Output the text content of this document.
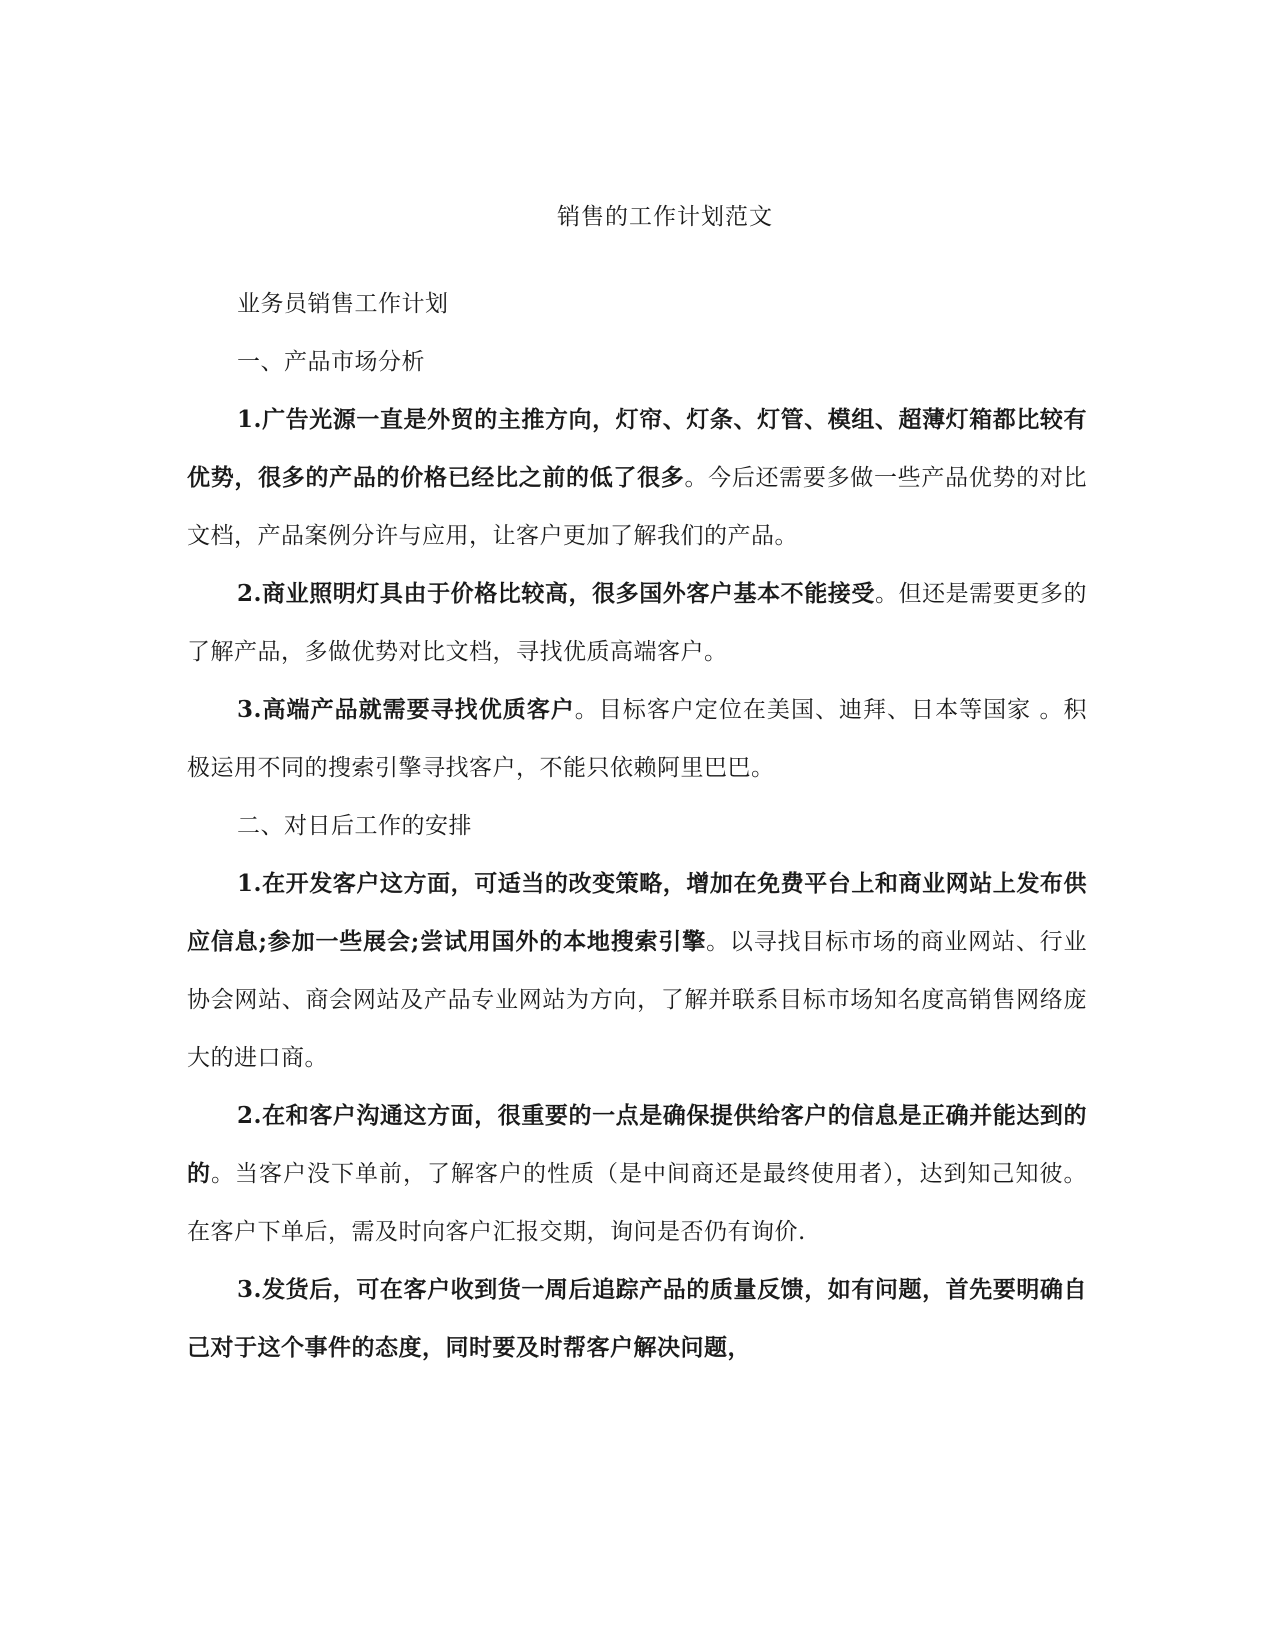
销售的工作计划范文

业务员销售工作计划

一、产品市场分析

1.广告光源一直是外贸的主推方向，灯帘、灯条、灯管、模组、超薄灯箱都比较有优势，很多的产品的价格已经比之前的低了很多。今后还需要多做一些产品优势的对比文档，产品案例分许与应用，让客户更加了解我们的产品。

2.商业照明灯具由于价格比较高，很多国外客户基本不能接受。但还是需要更多的了解产品，多做优势对比文档，寻找优质高端客户。

3.高端产品就需要寻找优质客户。目标客户定位在美国、迪拜、日本等国家 。积极运用不同的搜索引擎寻找客户，不能只依赖阿里巴巴。

二、对日后工作的安排

1.在开发客户这方面，可适当的改变策略，增加在免费平台上和商业网站上发布供应信息;参加一些展会;尝试用国外的本地搜索引擎。以寻找目标市场的商业网站、行业协会网站、商会网站及产品专业网站为方向，了解并联系目标市场知名度高销售网络庞大的进口商。

2.在和客户沟通这方面，很重要的一点是确保提供给客户的信息是正确并能达到的的。当客户没下单前，了解客户的性质（是中间商还是最终使用者），达到知己知彼。在客户下单后，需及时向客户汇报交期，询问是否仍有询价.

3.发货后，可在客户收到货一周后追踪产品的质量反馈，如有问题，首先要明确自己对于这个事件的态度，同时要及时帮客户解决问题，
